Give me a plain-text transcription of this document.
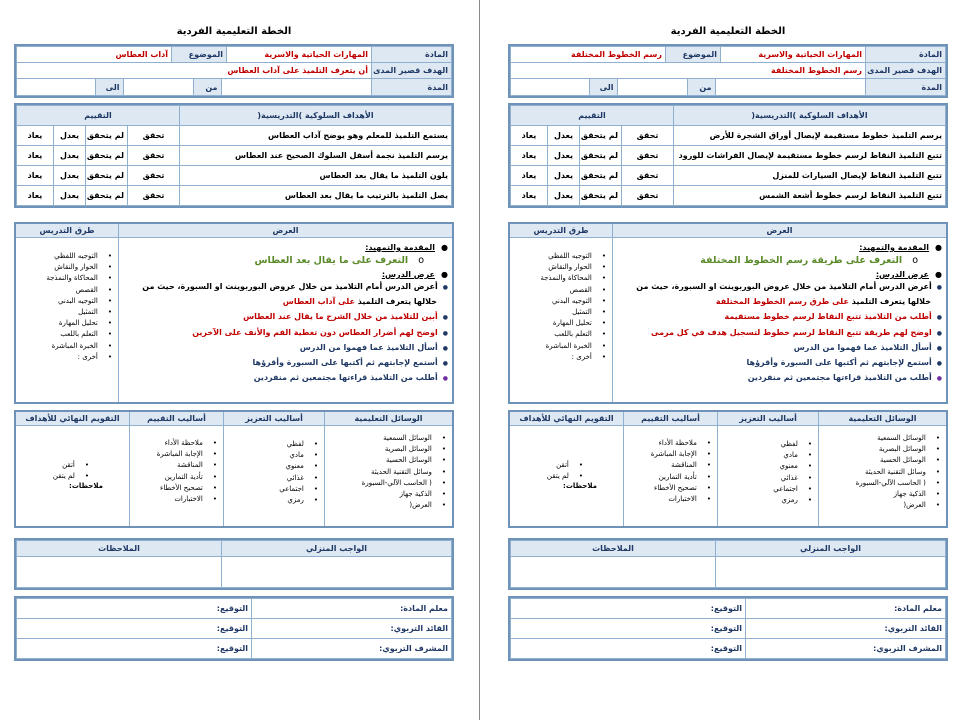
الخطة التعليمية الفردية
المادة	المهارات الحياتية والاسرية	الموضوع	رسم الخطوط المختلفة
الهدف قصير المدى	رسم الخطوط المختلفة
المدة	
	من		الى	
الأهداف السلوكية )التدريسية(	التقييم			
يرسم التلميذ خطوط مستقيمة لإيصال أوراق الشجرة للأرض	تحقق	لم يتحقق	يعدل	يعاد
تتبع التلميذ النقاط لرسم خطوط مستقيمة لإيصال الفراشات للورود	تحقق	لم يتحقق	يعدل	يعاد
تتبع التلميذ النقاط لإيصال السيارات للمنزل	تحقق	لم يتحقق	يعدل	يعاد
تتبع التلميذ النقاط لرسم خطوط أشعة الشمس	تحقق	لم يتحقق	يعدل	يعاد
العرض
● المقدمة والتمهيد:
o التعرف على طريقة رسم الخطوط المختلفة
● عرض الدرس:
● أعرض الدرس أمام التلاميذ من خلال عروض البوربوينت او السبورة، حيث من
خلالها يتعرف التلميذ على طرق رسم الخطوط المختلفة
● أطلب من التلاميذ تتبع النقاط لرسم خطوط مستقيمة
● اوضح لهم طريقة تتبع النقاط لرسم خطوط لتسجيل هدف في كل مرمى
● أسأل التلاميذ عما فهموا من الدرس
● أستمع لإجابتهم ثم أكتبها على السبورة وأقرؤها
● أطلب من التلاميذ قراءتها مجتمعين ثم منفردين
طرق التدريس
• التوجيه اللفظي
• الحوار والنقاش
• المحاكاة والنمذجة
• القصص
• التوجيه البدني
• التمثيل
• تحليل المهارة
• التعلم باللعب
• الخبرة المباشرة
• أخرى :
الوسائل التعليمية
• الوسائل السمعية
• الوسائل البصرية
• الوسائل الحسية
• وسائل التقنية الحديثة
• ( الحاسب الآلي-السبورة
• الذكية جهاز
• العرض(
أساليب التعزيز
• لفظي
• مادي
• معنوي
• غذائي
• اجتماعي
• رمزي
أساليب التقييم
• ملاحظة الأداء
• الإجابة المباشرة
• المناقشة
• تأدية التمارين
• تصحيح الأخطاء
• الاختبارات
التقويم النهائي للأهداف
• أتقن
• لم يتقن
ملاحظات:
الواجب المنزلي	الملاحظات

معلم المادة:	التوقيع:
القائد التربوي:	التوقيع:
المشرف التربوي:	التوقيع:
الخطة التعليمية الفردية
المادة	المهارات الحياتية والاسرية	الموضوع	آداب العطاس
الهدف قصير المدى	أن يتعرف التلميذ على آداب العطاس
المدة	
	من		الى	
الأهداف السلوكية )التدريسية(	التقييم			
يستمع التلميذ للمعلم وهو يوضح آداب العطاس	تحقق	لم يتحقق	يعدل	يعاد
يرسم التلميذ نجمة أسفل السلوك الصحيح عند العطاس	تحقق	لم يتحقق	يعدل	يعاد
يلون التلميذ ما يقال بعد العطاس	تحقق	لم يتحقق	يعدل	يعاد
يصل التلميذ بالترتيب ما يقال بعد العطاس	تحقق	لم يتحقق	يعدل	يعاد
العرض
● المقدمة والتمهيد:
o التعرف على ما يقال بعد العطاس
● عرض الدرس:
● أعرض الدرس أمام التلاميذ من خلال عروض البوربوينت او السبورة، حيث من
خلالها يتعرف التلميذ على آداب العطاس
● أبين للتلاميذ من خلال الشرح ما يقال عند العطاس
● اوضح لهم أضرار العطاس دون تغطية الفم والأنف على الآخرين
● أسأل التلاميذ عما فهموا من الدرس
● أستمع لإجابتهم ثم أكتبها على السبورة وأقرؤها
● أطلب من التلاميذ قراءتها مجتمعين ثم منفردين
طرق التدريس
• التوجيه اللفظي
• الحوار والنقاش
• المحاكاة والنمذجة
• القصص
• التوجيه البدني
• التمثيل
• تحليل المهارة
• التعلم باللعب
• الخبرة المباشرة
• أخرى :
الوسائل التعليمية
• الوسائل السمعية
• الوسائل البصرية
• الوسائل الحسية
• وسائل التقنية الحديثة
• ( الحاسب الآلي-السبورة
• الذكية جهاز
• العرض(
أساليب التعزيز
• لفظي
• مادي
• معنوي
• غذائي
• اجتماعي
• رمزي
أساليب التقييم
• ملاحظة الأداء
• الإجابة المباشرة
• المناقشة
• تأدية التمارين
• تصحيح الأخطاء
• الاختبارات
التقويم النهائي للأهداف
• أتقن
• لم يتقن
ملاحظات:
الواجب المنزلي	الملاحظات

معلم المادة:	التوقيع:
القائد التربوي:	التوقيع:
المشرف التربوي:	التوقيع:
